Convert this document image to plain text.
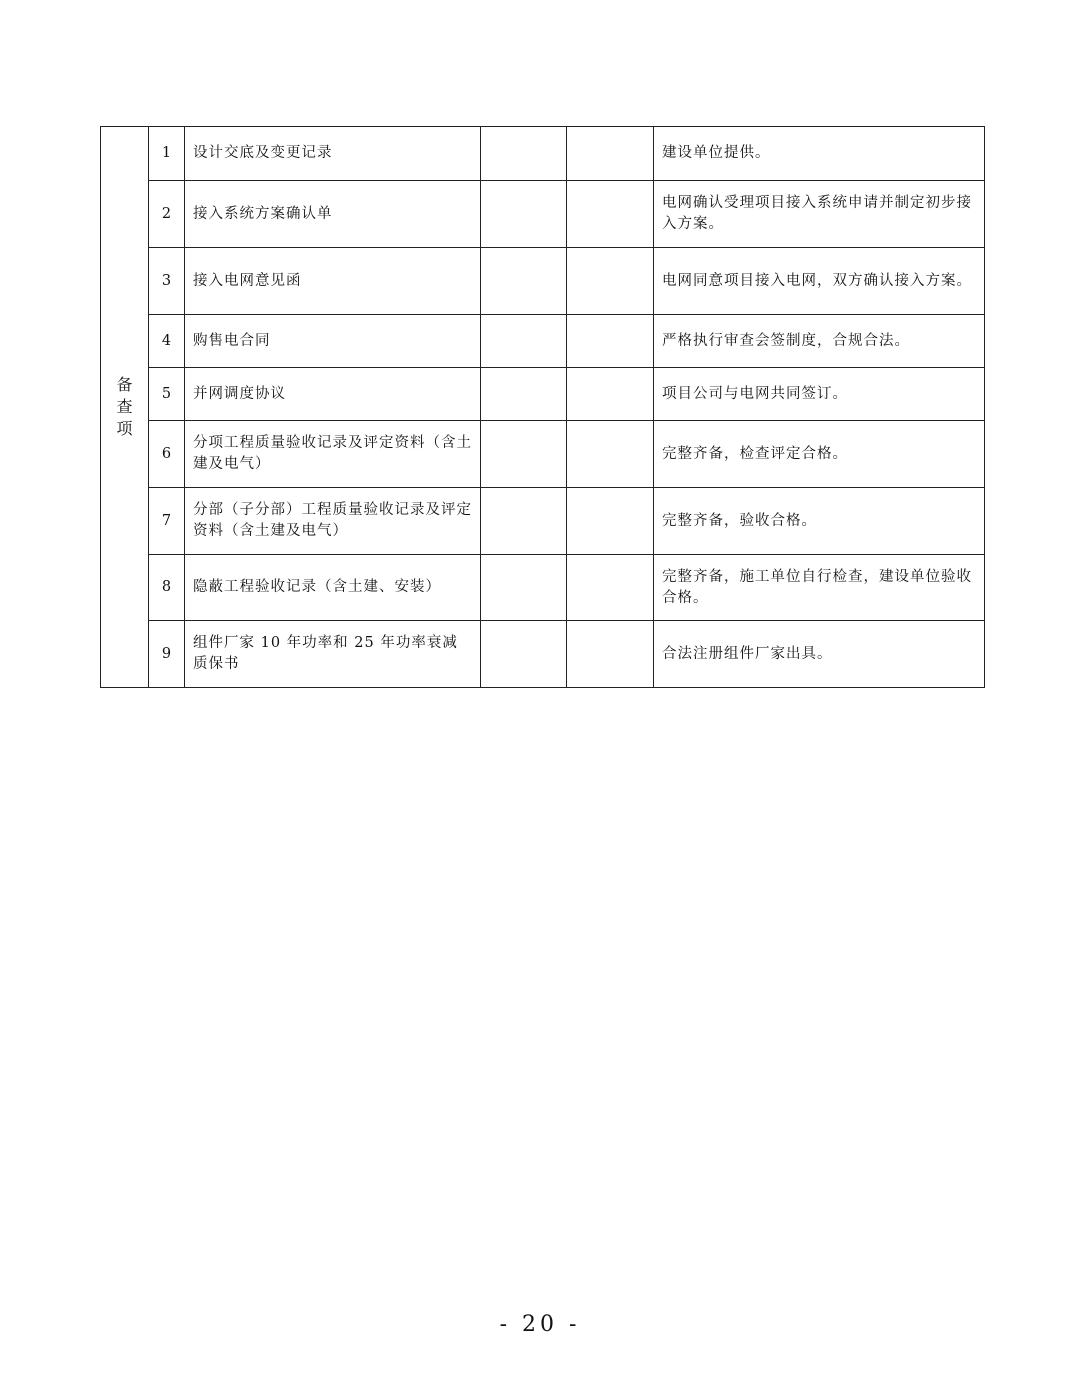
备
查
项	1	设计交底及变更记录			建设单位提供。
	2	接入系统方案确认单			电网确认受理项目接入系统申请并制定初步接入方案。
	3	接入电网意见函			电网同意项目接入电网，双方确认接入方案。
	4	购售电合同			严格执行审查会签制度，合规合法。
	5	并网调度协议			项目公司与电网共同签订。
	6	分项工程质量验收记录及评定资料（含土建及电气）			完整齐备，检查评定合格。
	7	分部（子分部）工程质量验收记录及评定资料（含土建及电气）			完整齐备，验收合格。
	8	隐蔽工程验收记录（含土建、安装）			完整齐备，施工单位自行检查，建设单位验收合格。
	9	组件厂家 10 年功率和 25 年功率衰减质保书			合法注册组件厂家出具。
- 20 -
